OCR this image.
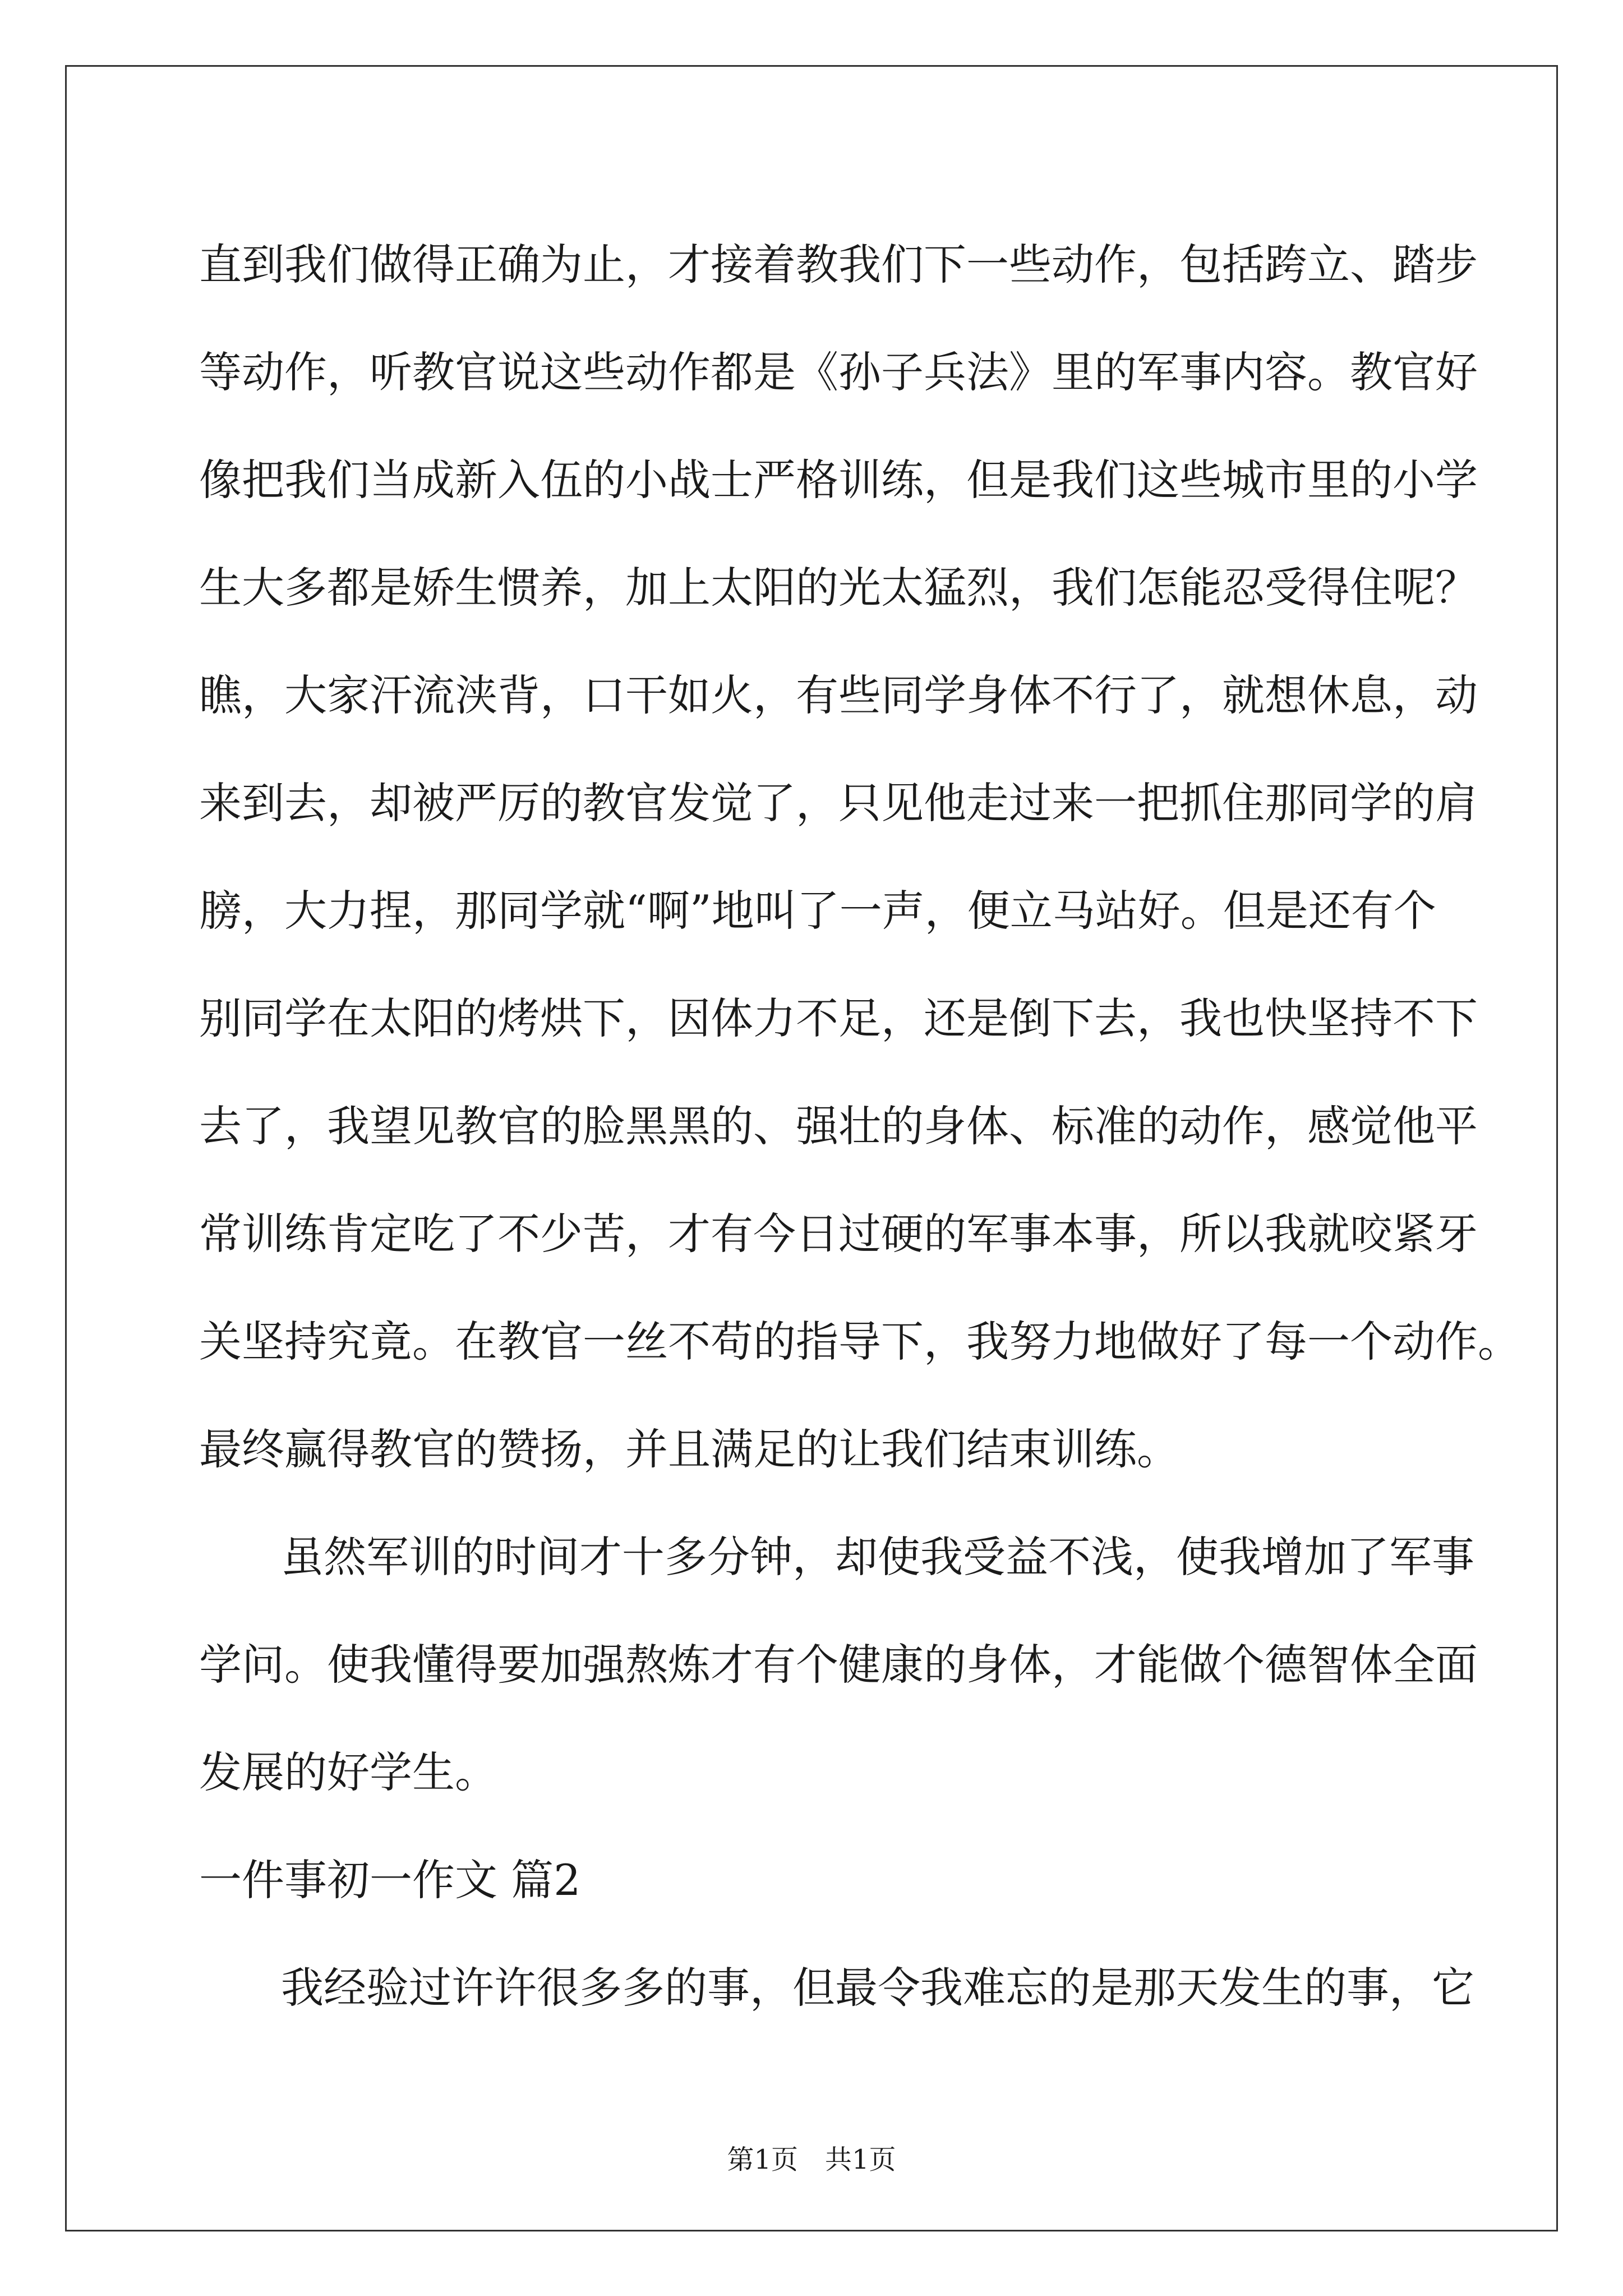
直到我们做得正确为止，才接着教我们下一些动作，包括跨立、踏步
等动作，听教官说这些动作都是《孙子兵法》里的军事内容。教官好
像把我们当成新入伍的小战士严格训练，但是我们这些城市里的小学
生大多都是娇生惯养，加上太阳的光太猛烈，我们怎能忍受得住呢？
瞧，大家汗流浃背，口干如火，有些同学身体不行了，就想休息，动
来到去，却被严厉的教官发觉了，只见他走过来一把抓住那同学的肩
膀，大力捏，那同学就“啊”地叫了一声，便立马站好。但是还有个
别同学在太阳的烤烘下，因体力不足，还是倒下去，我也快坚持不下
去了，我望见教官的脸黑黑的、强壮的身体、标准的动作，感觉他平
常训练肯定吃了不少苦，才有今日过硬的军事本事，所以我就咬紧牙
关坚持究竟。在教官一丝不苟的指导下，我努力地做好了每一个动作。
最终赢得教官的赞扬，并且满足的让我们结束训练。
虽然军训的时间才十多分钟，却使我受益不浅，使我增加了军事
学问。使我懂得要加强熬炼才有个健康的身体，才能做个德智体全面
发展的好学生。
一件事初一作文 篇2
我经验过许许很多多的事，但最令我难忘的是那天发生的事，它
第1页　共1页
